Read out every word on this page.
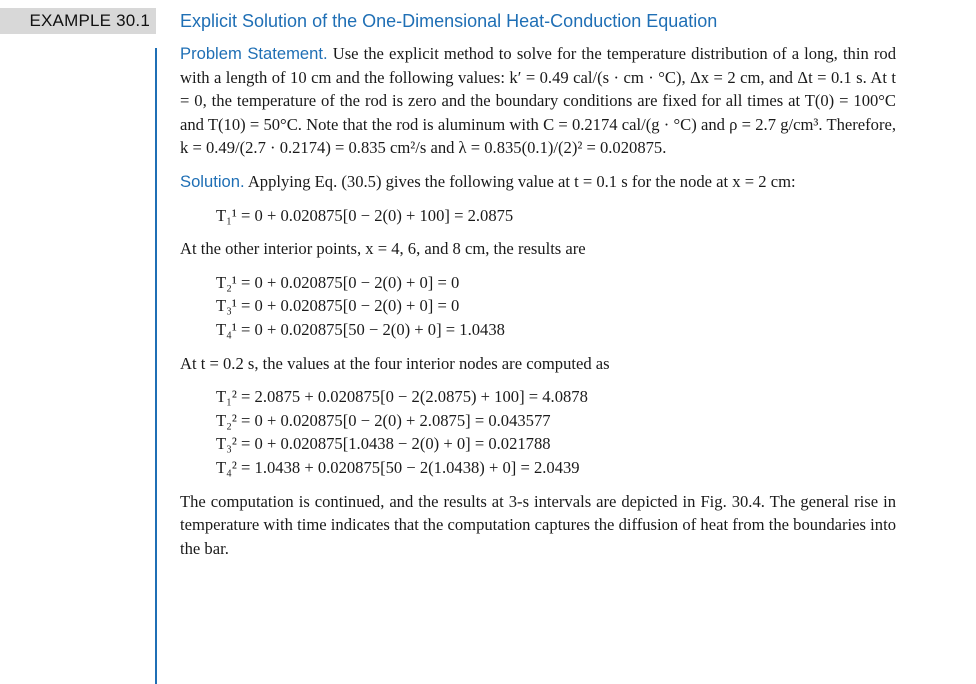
EXAMPLE 30.1	Explicit Solution of the One-Dimensional Heat-Conduction Equation

Problem Statement. Use the explicit method to solve for the temperature distribution of a long, thin rod with a length of 10 cm and the following values: k′ = 0.49 cal/(s · cm · °C), Δx = 2 cm, and Δt = 0.1 s. At t = 0, the temperature of the rod is zero and the boundary conditions are fixed for all times at T(0) = 100°C and T(10) = 50°C. Note that the rod is aluminum with C = 0.2174 cal/(g · °C) and ρ = 2.7 g/cm³. Therefore, k = 0.49/(2.7 · 0.2174) = 0.835 cm²/s and λ = 0.835(0.1)/(2)² = 0.020875.

Solution. Applying Eq. (30.5) gives the following value at t = 0.1 s for the node at x = 2 cm:

T₁¹ = 0 + 0.020875[0 − 2(0) + 100] = 2.0875

At the other interior points, x = 4, 6, and 8 cm, the results are

T₂¹ = 0 + 0.020875[0 − 2(0) + 0] = 0
T₃¹ = 0 + 0.020875[0 − 2(0) + 0] = 0
T₄¹ = 0 + 0.020875[50 − 2(0) + 0] = 1.0438

At t = 0.2 s, the values at the four interior nodes are computed as

T₁² = 2.0875 + 0.020875[0 − 2(2.0875) + 100] = 4.0878
T₂² = 0 + 0.020875[0 − 2(0) + 2.0875] = 0.043577
T₃² = 0 + 0.020875[1.0438 − 2(0) + 0] = 0.021788
T₄² = 1.0438 + 0.020875[50 − 2(1.0438) + 0] = 2.0439

The computation is continued, and the results at 3-s intervals are depicted in Fig. 30.4. The general rise in temperature with time indicates that the computation captures the diffusion of heat from the boundaries into the bar.
